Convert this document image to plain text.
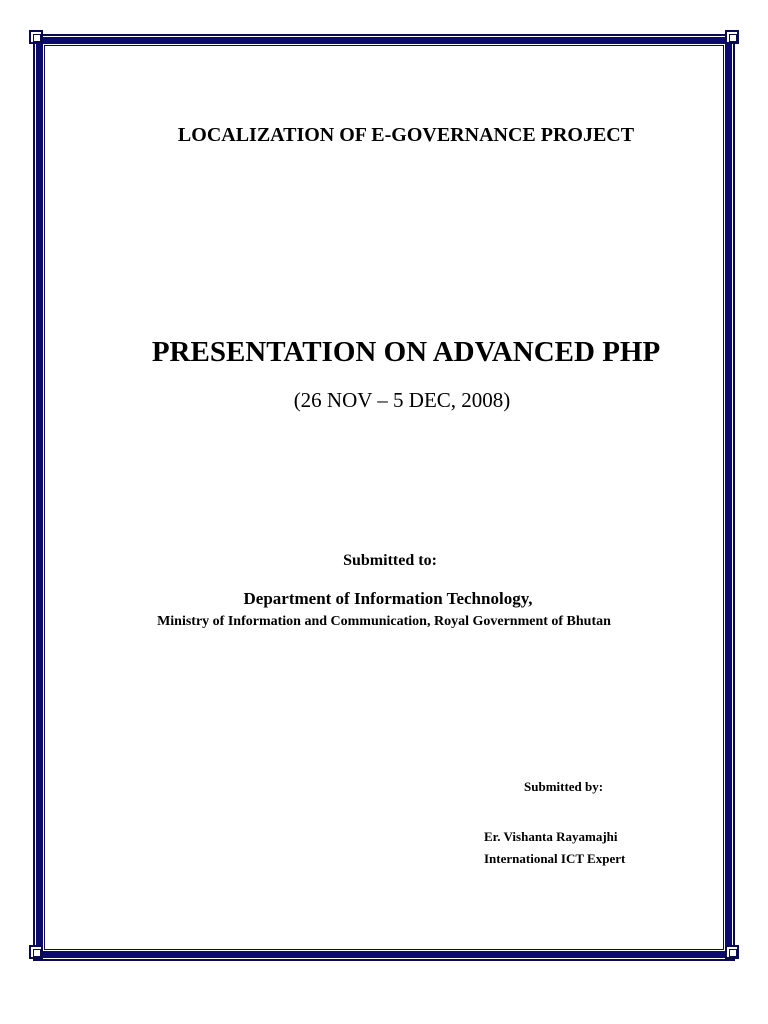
LOCALIZATION OF E-GOVERNANCE PROJECT
PRESENTATION ON ADVANCED PHP
(26 NOV – 5 DEC, 2008)
Submitted to:
Department of Information Technology,
Ministry of Information and Communication, Royal Government of Bhutan
Submitted by:
Er. Vishanta Rayamajhi
International ICT Expert
